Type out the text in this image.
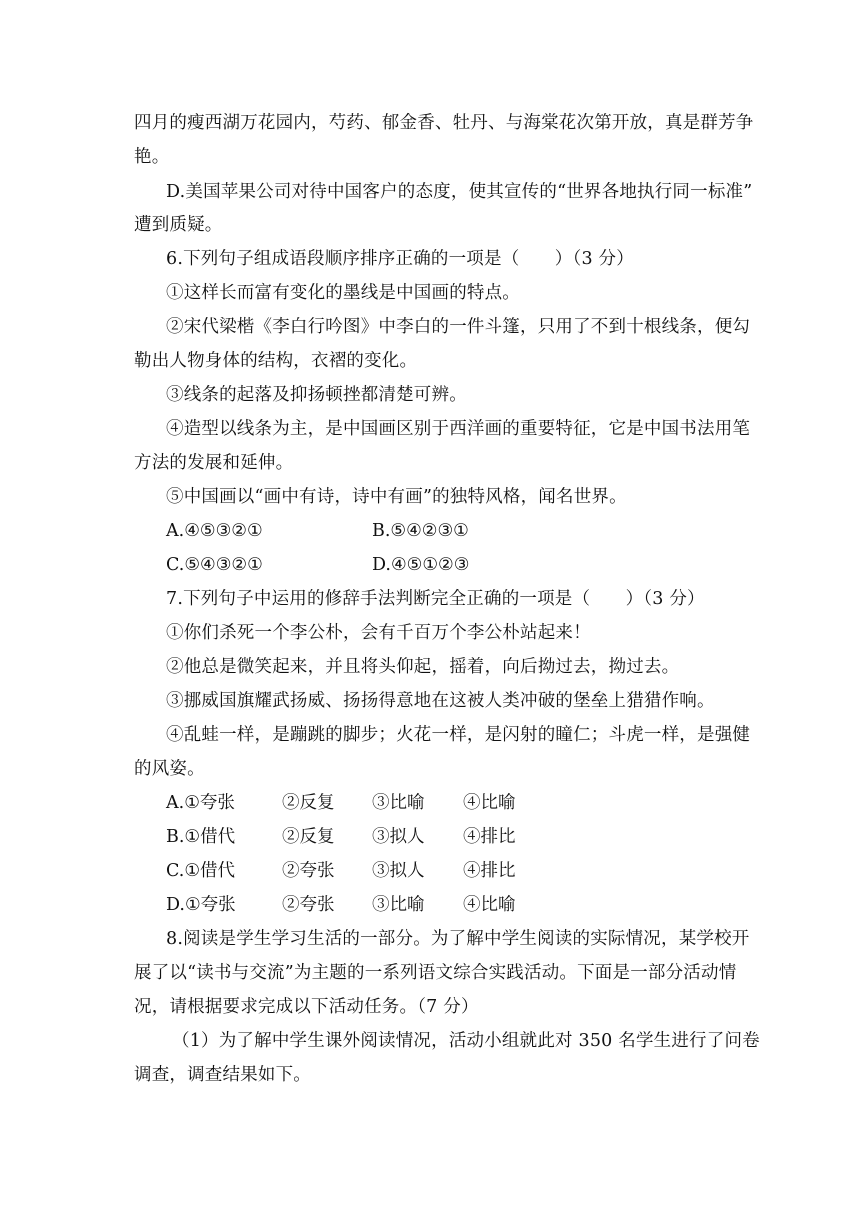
四月的瘦西湖万花园内，芍药、郁金香、牡丹、与海棠花次第开放，真是群芳争
艳。
D.美国苹果公司对待中国客户的态度，使其宣传的“世界各地执行同一标准”
遭到质疑。
6.下列句子组成语段顺序排序正确的一项是（　　）（3 分）
①这样长而富有变化的墨线是中国画的特点。
②宋代梁楷《李白行吟图》中李白的一件斗篷，只用了不到十根线条，便勾
勒出人物身体的结构，衣褶的变化。
③线条的起落及抑扬顿挫都清楚可辨。
④造型以线条为主，是中国画区别于西洋画的重要特征，它是中国书法用笔
方法的发展和延伸。
⑤中国画以“画中有诗，诗中有画”的独特风格，闻名世界。
A.④⑤③②①	B.⑤④②③①
C.⑤④③②①	D.④⑤①②③
7.下列句子中运用的修辞手法判断完全正确的一项是（　　）（3 分）
①你们杀死一个李公朴，会有千百万个李公朴站起来！
②他总是微笑起来，并且将头仰起，摇着，向后拗过去，拗过去。
③挪威国旗耀武扬威、扬扬得意地在这被人类冲破的堡垒上猎猎作响。
④乱蛙一样，是蹦跳的脚步；火花一样，是闪射的瞳仁；斗虎一样，是强健
的风姿。
A.①夸张	②反复 ③比喻 ④比喻
B.①借代	②反复 ③拟人 ④排比
C.①借代	②夸张 ③拟人 ④排比
D.①夸张	②夸张 ③比喻 ④比喻
8.阅读是学生学习生活的一部分。为了解中学生阅读的实际情况，某学校开
展了以“读书与交流”为主题的一系列语文综合实践活动。下面是一部分活动情
况，请根据要求完成以下活动任务。（7 分）
（1）为了解中学生课外阅读情况，活动小组就此对 350 名学生进行了问卷
调查，调查结果如下。
